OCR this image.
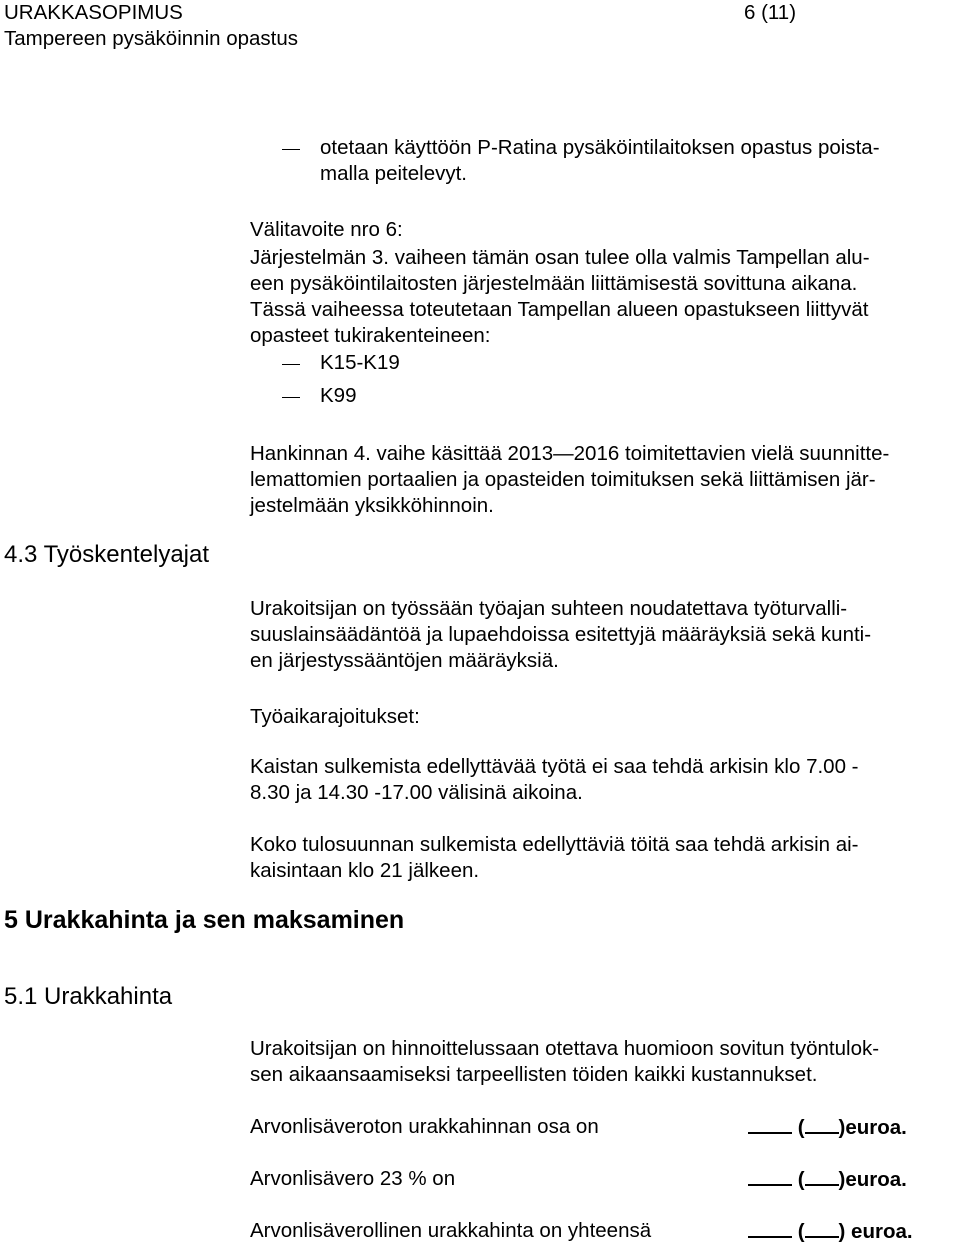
URAKKASOPIMUS	6 (11)
Tampereen pysäköinnin opastus
otetaan käyttöön P-Ratina pysäköintilaitoksen opastus poista-
malla peitelevyt.
Välitavoite nro 6:
Järjestelmän 3. vaiheen tämän osan tulee olla valmis Tampellan alu-
een pysäköintilaitosten järjestelmään liittämisestä sovittuna aikana.
Tässä vaiheessa toteutetaan Tampellan alueen opastukseen liittyvät
opasteet tukirakenteineen:
K15-K19
K99
Hankinnan 4. vaihe käsittää 2013—2016 toimitettavien vielä suunnitte-
lemattomien portaalien ja opasteiden toimituksen sekä liittämisen jär-
jestelmään yksikköhinnoin.
4.3 Työskentelyajat
Urakoitsijan on työssään työajan suhteen noudatettava työturvalli-
suuslainsäädäntöä ja lupaehdoissa esitettyjä määräyksiä sekä kunti-
en järjestyssääntöjen määräyksiä.
Työaikarajoitukset:
Kaistan sulkemista edellyttävää työtä ei saa tehdä arkisin klo 7.00 -
8.30 ja 14.30 -17.00 välisinä aikoina.
Koko tulosuunnan sulkemista edellyttäviä töitä saa tehdä arkisin ai-
kaisintaan klo 21 jälkeen.
5 Urakkahinta ja sen maksaminen
5.1 Urakkahinta
Urakoitsijan on hinnoittelussaan otettava huomioon sovitun työntulok-
sen aikaansaamiseksi tarpeellisten töiden kaikki kustannukset.
Arvonlisäveroton urakkahinnan osa on	( )euroa.
Arvonlisävero 23 % on	( )euroa.
Arvonlisäverollinen urakkahinta on yhteensä	( ) euroa.
